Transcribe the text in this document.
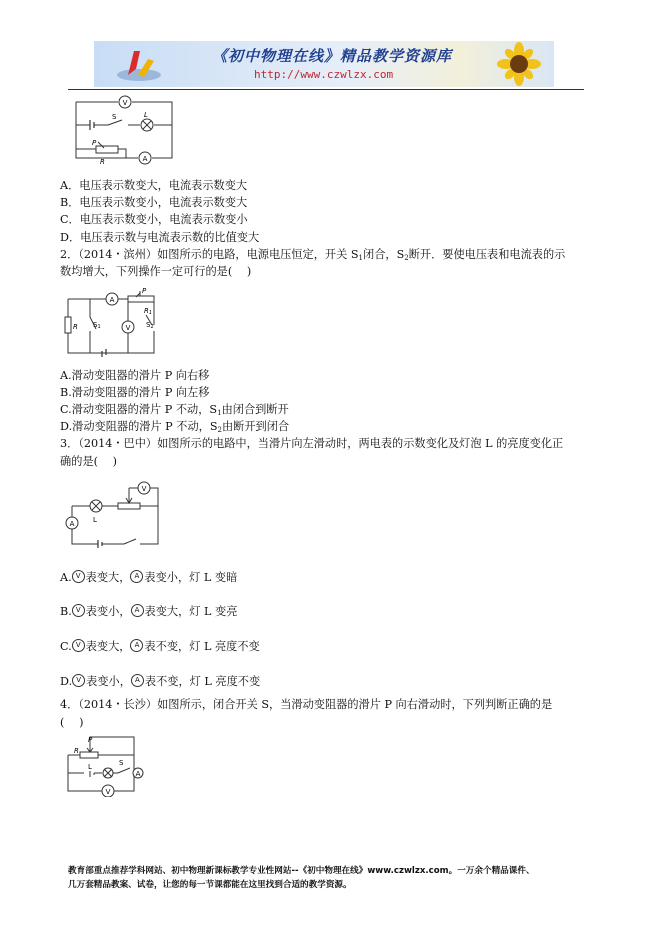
《初中物理在线》精品教学资源库
http://www.czwlzx.com
V
A
L
S
P
R
A．电压表示数变大，电流表示数变大
B．电压表示数变小，电流表示数变大
C．电压表示数变小，电流表示数变小
D．电压表示数与电流表示数的比值变大
2．（2014・滨州）如图所示的电路，电源电压恒定，开关 $S_1$闭合，$S_2$断开．要使电压表和电流表的示
数均增大，下列操作一定可行的是(　 )
A
V
P
R1
R S1	S2
A.滑动变阻器的滑片 P 向右移
B.滑动变阻器的滑片 P 向左移
C.滑动变阻器的滑片 P 不动，$S_1$由闭合到断开
D.滑动变阻器的滑片 P 不动，$S_2$由断开到闭合
3．（2014・巴中）如图所示的电路中，当滑片向左滑动时，两电表的示数变化及灯泡 L 的亮度变化正
确的是(　 )
V
A	L
A. V 表变大， A 表变小，灯 L 变暗
B. V 表变小， A 表变大，灯 L 变亮
C. V 表变大， A 表不变，灯 L 亮度不变
D. V 表变小， A 表不变，灯 L 亮度不变
4．（2014・长沙）如图所示，闭合开关 S，当滑动变阻器的滑片 P 向右滑动时，下列判断正确的是
(　 )
P
R
L	S
A
V
教育部重点推荐学科网站、初中物理新课标教学专业性网站--《初中物理在线》www.czwlzx.com。一万余个精品课件、
几万套精品教案、试卷，让您的每一节课都能在这里找到合适的教学资源。
